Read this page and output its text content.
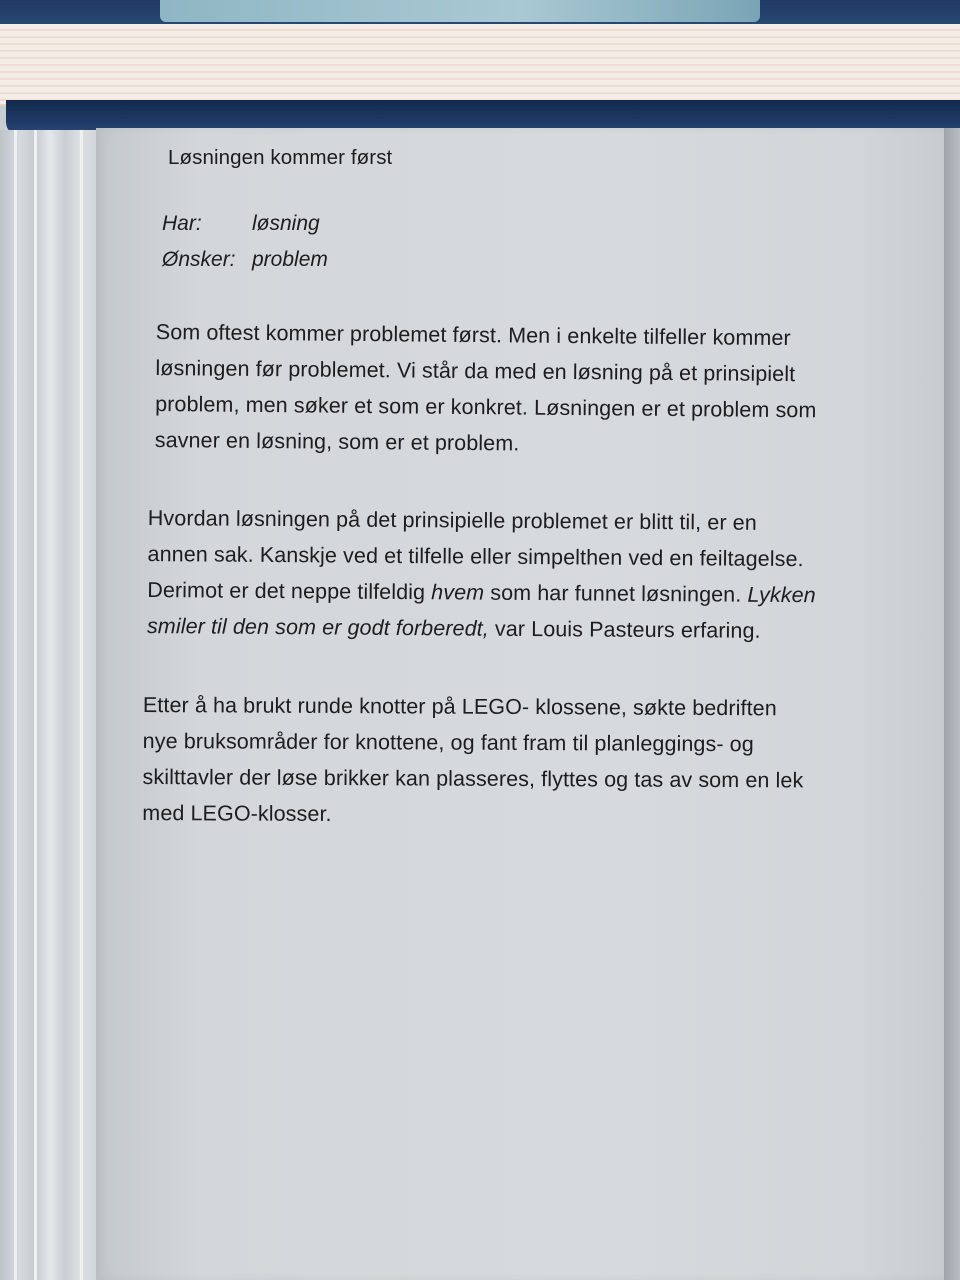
Løsningen kommer først
Har: løsning
Ønsker: problem
Som oftest kommer problemet først. Men i enkelte tilfeller kommer
løsningen før problemet. Vi står da med en løsning på et prinsipielt
problem, men søker et som er konkret. Løsningen er et problem som
savner en løsning, som er et problem.
Hvordan løsningen på det prinsipielle problemet er blitt til, er en
annen sak. Kanskje ved et tilfelle eller simpelthen ved en feiltagelse.
Derimot er det neppe tilfeldig hvem som har funnet løsningen. Lykken
smiler til den som er godt forberedt, var Louis Pasteurs erfaring.
Etter å ha brukt runde knotter på LEGO- klossene, søkte bedriften
nye bruksområder for knottene, og fant fram til planleggings- og
skilttavler der løse brikker kan plasseres, flyttes og tas av som en lek
med LEGO-klosser.
